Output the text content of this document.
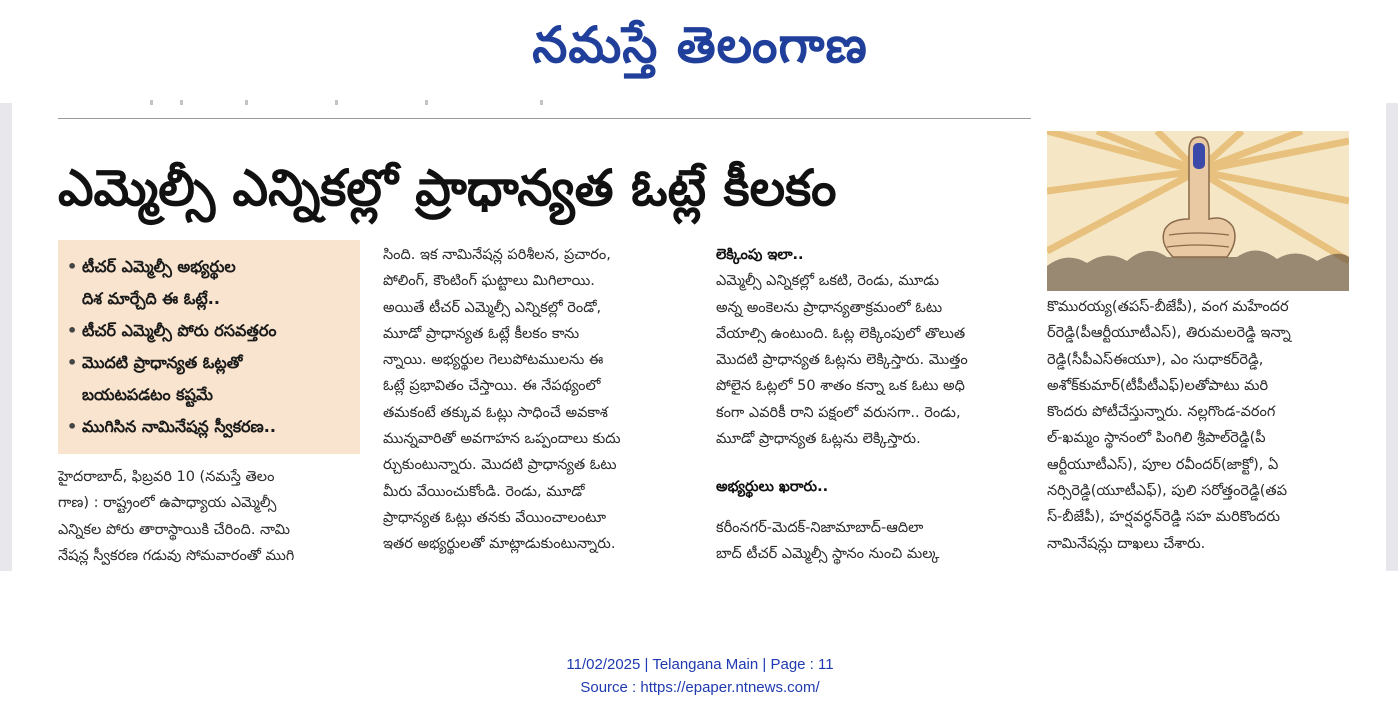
నమస్తే తెలంగాణ
ఎమ్మెల్సీ ఎన్నికల్లో ప్రాధాన్యత ఓట్లే కీలకం
• టీచర్ ఎమ్మెల్సీ అభ్యర్థుల
దిశ మార్చేది ఈ ఓట్లే..
• టీచర్ ఎమ్మెల్సీ పోరు రసవత్తరం
• మొదటి ప్రాధాన్యత ఓట్లతో
బయటపడటం కష్టమే
• ముగిసిన నామినేషన్ల స్వీకరణ..

హైదరాబాద్, ఫిబ్రవరి 10 (నమస్తే తెలం

గాణ) : రాష్ట్రంలో ఉపాధ్యాయ ఎమ్మెల్సీ

ఎన్నికల పోరు తారాస్థాయికి చేరింది. నామి

నేషన్ల స్వీకరణ గడువు సోమవారంతో ముగి

సింది. ఇక నామినేషన్ల పరిశీలన, ప్రచారం,

పోలింగ్, కౌంటింగ్ ఘట్టాలు మిగిలాయి.

అయితే టీచర్ ఎమ్మెల్సీ ఎన్నికల్లో రెండో,

మూడో ప్రాధాన్యత ఓట్లే కీలకం కాను

న్నాయి. అభ్యర్థుల గెలుపోటములను ఈ

ఓట్లే ప్రభావితం చేస్తాయి. ఈ నేపథ్యంలో

తమకంటే తక్కువ ఓట్లు సాధించే అవకాశ

మున్నవారితో అవగాహన ఒప్పందాలు కుదు

ర్చుకుంటున్నారు. మొదటి ప్రాధాన్యత ఓటు

మీరు వేయించుకోండి. రెండు, మూడో

ప్రాధాన్యత ఓట్లు తనకు వేయించాలంటూ

ఇతర అభ్యర్థులతో మాట్లాడుకుంటున్నారు.

లెక్కింపు ఇలా..

ఎమ్మెల్సీ ఎన్నికల్లో ఒకటి, రెండు, మూడు

అన్న అంకెలను ప్రాధాన్యతాక్రమంలో ఓటు

వేయాల్సి ఉంటుంది. ఓట్ల లెక్కింపులో తొలుత

మొదటి ప్రాధాన్యత ఓట్లను లెక్కిస్తారు. మొత్తం

పోలైన ఓట్లలో 50 శాతం కన్నా ఒక ఓటు అధి

కంగా ఎవరికీ రాని పక్షంలో వరుసగా.. రెండు,

మూడో ప్రాధాన్యత ఓట్లను లెక్కిస్తారు.

అభ్యర్థులు ఖరారు..

కరీంనగర్-మెదక్-నిజామాబాద్-ఆదిలా

బాద్ టీచర్ ఎమ్మెల్సీ స్థానం నుంచి మల్క

కొమురయ్య(తపస్-బీజేపీ), వంగ మహేందర

ర్‌రెడ్డి(పీఆర్టీయూటీఎస్), తిరుమలరెడ్డి ఇన్నా

రెడ్డి(సీపీఎస్‌ఈయూ), ఎం సుధాకర్‌రెడ్డి,

అశోక్‌కుమార్(టీపీటీఎఫ్)లతోపాటు మరి

కొందరు పోటీచేస్తున్నారు. నల్లగొండ-వరంగ

ల్-ఖమ్మం స్థానంలో పింగిలి శ్రీపాల్‌రెడ్డి(పీ

ఆర్టీయూటీఎస్), పూల రవీందర్(జాక్టో), ఏ

నర్సిరెడ్డి(యూటీఎఫ్), పులి సరోత్తంరెడ్డి(తప

స్-బీజేపీ), హర్షవర్ధన్‌రెడ్డి సహ మరికొందరు

నామినేషన్లు దాఖలు చేశారు.

11/02/2025 | Telangana Main | Page : 11
Source : https://epaper.ntnews.com/
